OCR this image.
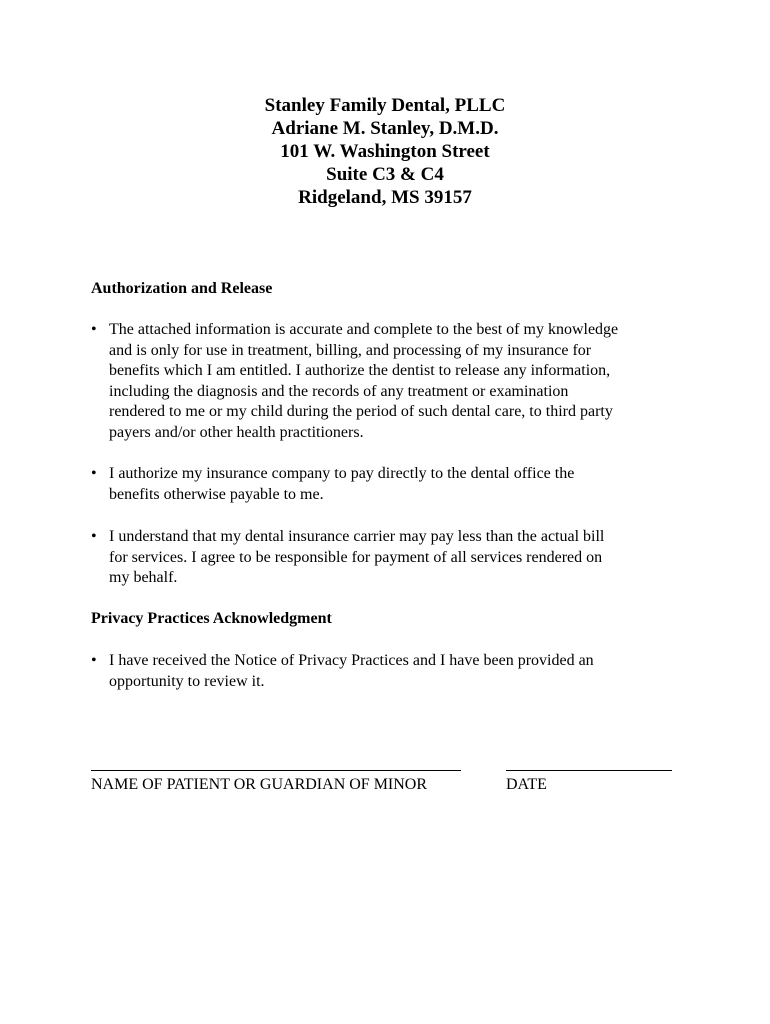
Stanley Family Dental, PLLC
Adriane M. Stanley, D.M.D.
101 W. Washington Street
Suite C3 & C4
Ridgeland, MS 39157
Authorization and Release
• The attached information is accurate and complete to the best of my knowledge
and is only for use in treatment, billing, and processing of my insurance for
benefits which I am entitled. I authorize the dentist to release any information,
including the diagnosis and the records of any treatment or examination
rendered to me or my child during the period of such dental care, to third party
payers and/or other health practitioners.
• I authorize my insurance company to pay directly to the dental office the
benefits otherwise payable to me.
• I understand that my dental insurance carrier may pay less than the actual bill
for services. I agree to be responsible for payment of all services rendered on
my behalf.
Privacy Practices Acknowledgment
• I have received the Notice of Privacy Practices and I have been provided an
opportunity to review it.
NAME OF PATIENT OR GUARDIAN OF MINOR	DATE
